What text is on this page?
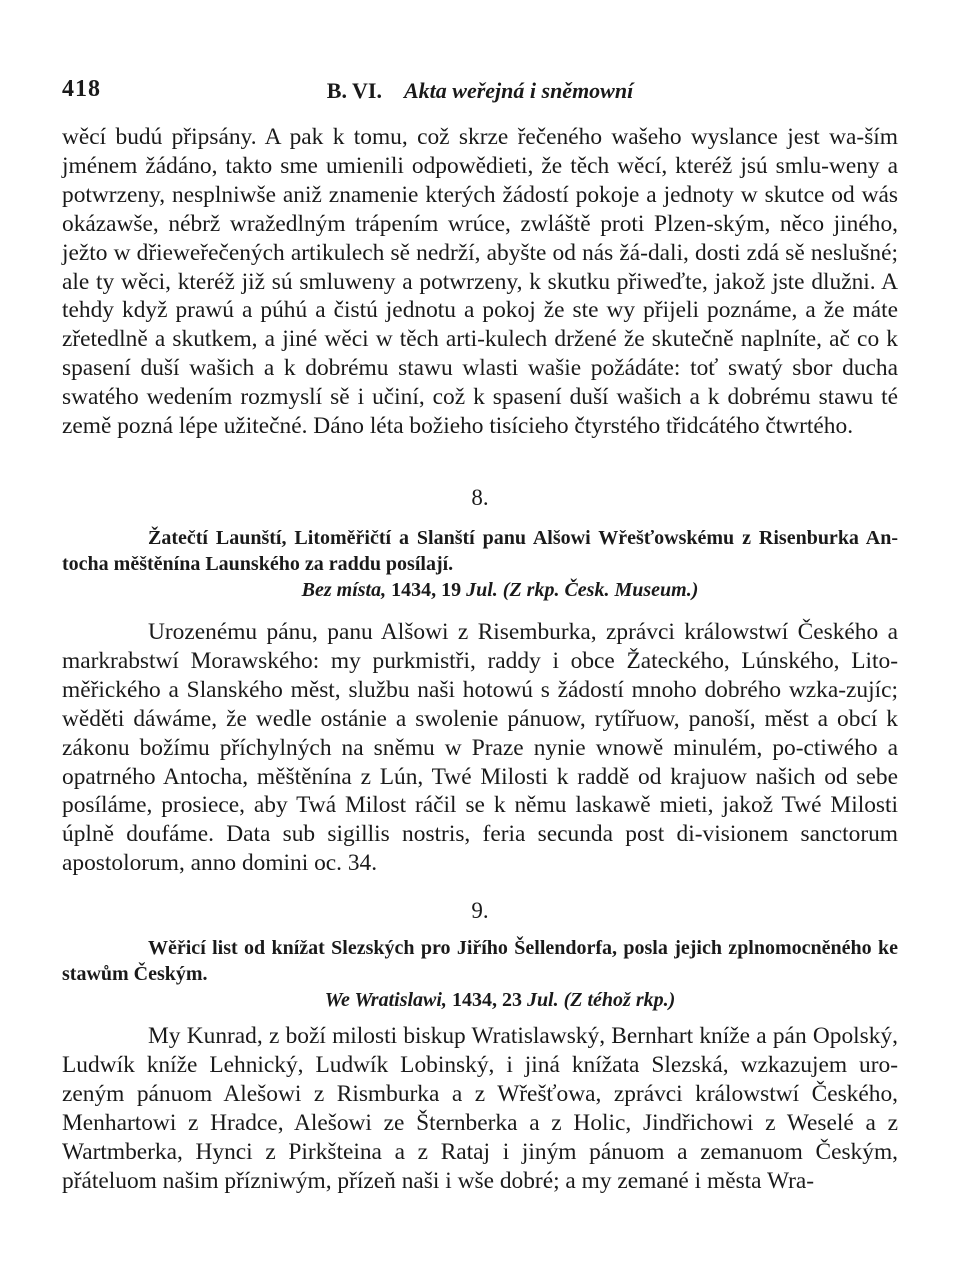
418	B. VI. Akta weřejná i sněmowní

wěcí budú připsány. A pak k tomu, což skrze řečeného wašeho wyslance jest wa-ším jménem žádáno, takto sme umienili odpowědieti, že těch wěcí, kteréž jsú smlu-weny a potwrzeny, nesplniwše aniž znamenie kterých žádostí pokoje a jednoty w skutce od wás okázawše, nébrž wražedlným trápením wrúce, zwláště proti Plzen-ským, něco jiného, ježto w dřieweřečených artikulech sě nedrží, abyšte od nás žá-dali, dosti zdá sě neslušné; ale ty wěci, kteréž již sú smluweny a potwrzeny, k skutku přiweďte, jakož jste dlužni. A tehdy když prawú a púhú a čistú jednotu a pokoj že ste wy přijeli poznáme, a že máte zřetedlně a skutkem, a jiné wěci w těch arti-kulech držené že skutečně naplníte, ač co k spasení duší wašich a k dobrému stawu wlasti wašie požádáte: toť swatý sbor ducha swatého wedením rozmyslí sě i učiní, což k spasení duší wašich a k dobrému stawu té země pozná lépe užitečné. Dáno léta božieho tisícieho čtyrstého třidcátého čtwrtého.

8.

Žatečtí Launští, Litoměřičtí a Slanští panu Alšowi Wřešťowskému z Risenburka An-tocha měštěnína Launského za raddu posílají.

Bez místa, 1434, 19 Jul. (Z rkp. Česk. Museum.)

Urozenému pánu, panu Alšowi z Risemburka, zprávci králowstwí Českého a markrabstwí Morawského: my purkmistři, raddy i obce Žateckého, Lúnského, Lito-měřického a Slanského měst, službu naši hotowú s žádostí mnoho dobrého wzka-zujíc; wěděti dáwáme, že wedle ostánie a swolenie pánuow, rytířuow, panoší, měst a obcí k zákonu božímu příchylných na sněmu w Praze nynie wnowě minulém, po-ctiwého a opatrného Antocha, měštěnína z Lún, Twé Milosti k raddě od krajuow našich od sebe posíláme, prosiece, aby Twá Milost ráčil se k němu laskawě mieti, jakož Twé Milosti úplně doufáme. Data sub sigillis nostris, feria secunda post di-visionem sanctorum apostolorum, anno domini oc. 34.

9.

Wěřicí list od knížat Slezských pro Jiřího Šellendorfa, posla jejich zplnomocněného ke stawům Českým.

We Wratislawi, 1434, 23 Jul. (Z téhož rkp.)

My Kunrad, z boží milosti biskup Wratislawský, Bernhart kníže a pán Opolský, Ludwík kníže Lehnický, Ludwík Lobinský, i jiná knížata Slezská, wzkazujem uro-zeným pánuom Alešowi z Rismburka a z Wřešťowa, zprávci králowstwí Českého, Menhartowi z Hradce, Alešowi ze Šternberka a z Holic, Jindřichowi z Weselé a z Wartmberka, Hynci z Pirkšteina a z Rataj i jiným pánuom a zemanuom Českým, přáteluom našim přízniwým, přízeň naši i wše dobré; a my zemané i města Wra-
